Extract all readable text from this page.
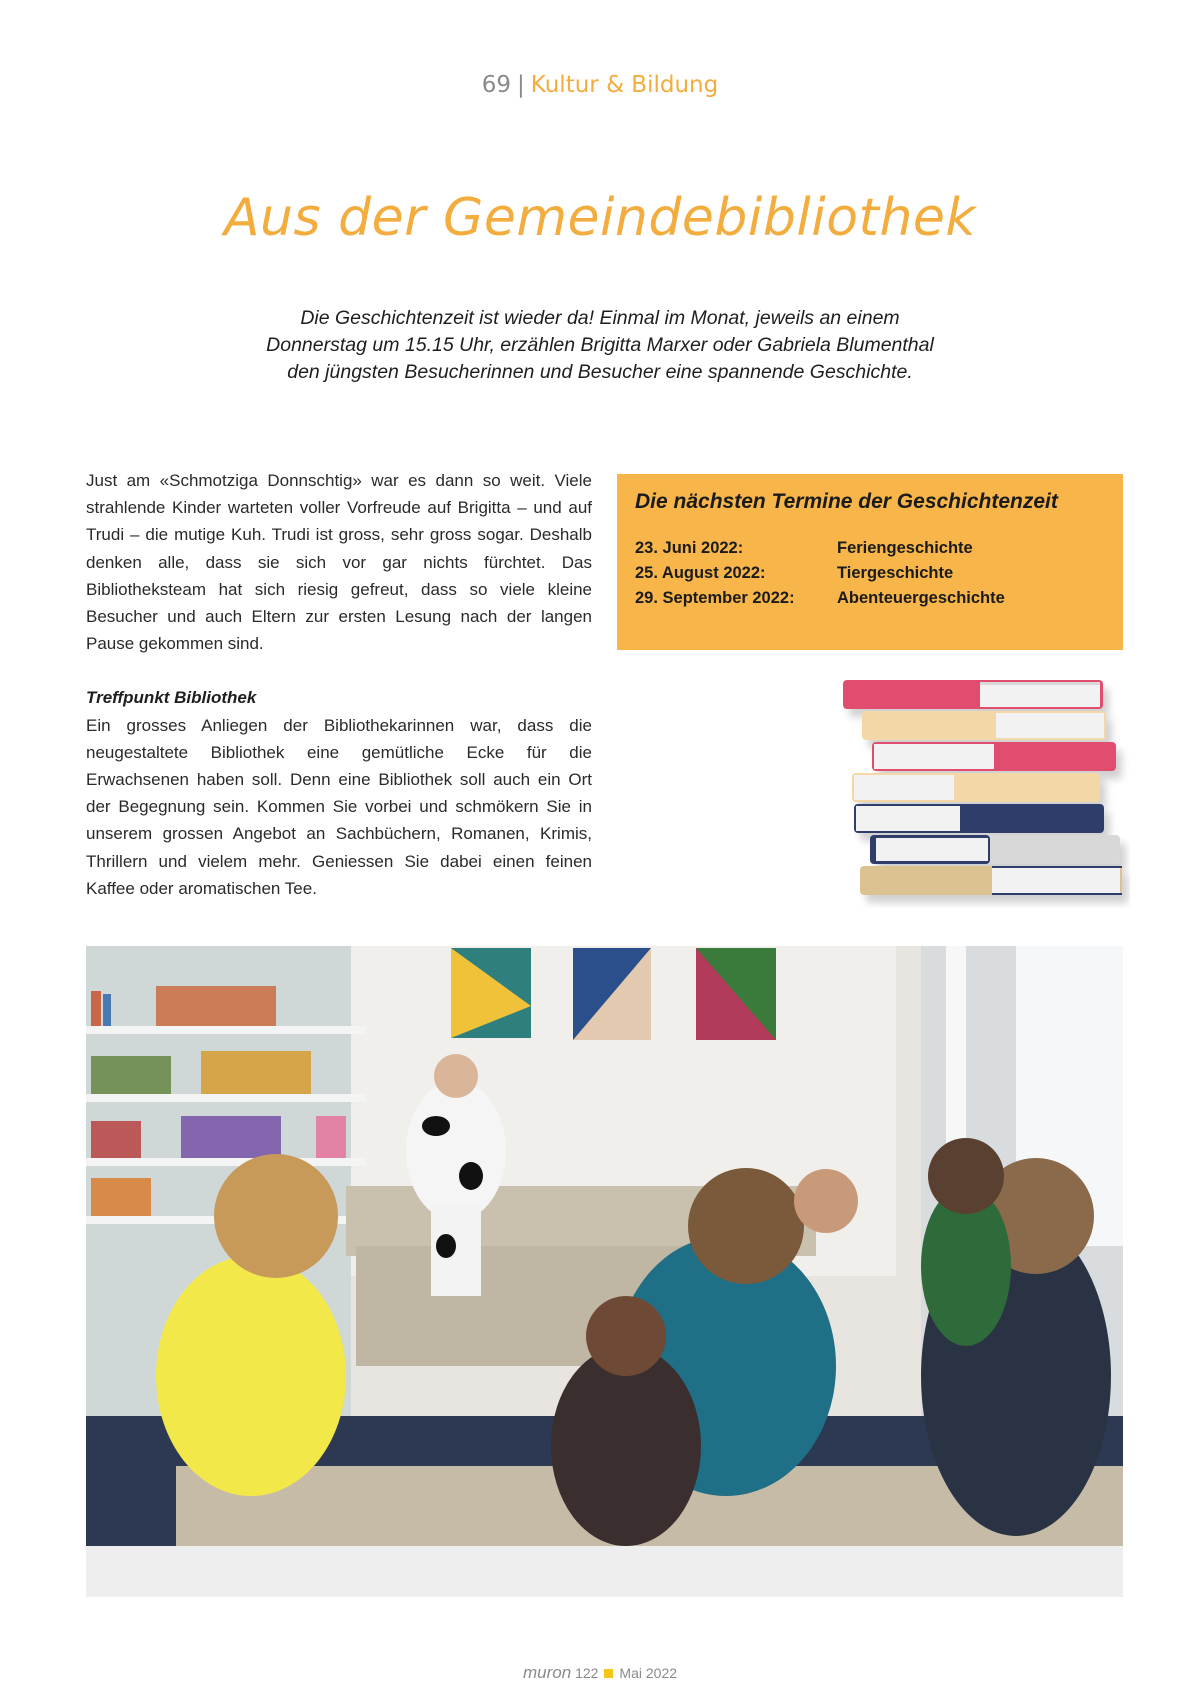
69 | Kultur & Bildung
Aus der Gemeindebibliothek
Die Geschichtenzeit ist wieder da! Einmal im Monat, jeweils an einem
Donnerstag um 15.15 Uhr, erzählen Brigitta Marxer oder Gabriela Blumenthal
den jüngsten Besucherinnen und Besucher eine spannende Geschichte.

Just am «Schmotziga Donnschtig» war es dann so weit. Viele strahlende Kinder warteten voller Vorfreude auf Brigitta – und auf Trudi – die mutige Kuh. Trudi ist gross, sehr gross sogar. Deshalb denken alle, dass sie sich vor gar nichts fürchtet. Das Bibliotheksteam hat sich riesig gefreut, dass so viele kleine Besucher und auch Eltern zur ersten Lesung nach der langen Pause gekommen sind.

Treffpunkt Bibliothek

Ein grosses Anliegen der Bibliothekarinnen war, dass die neugestaltete Bibliothek eine gemütliche Ecke für die Erwachsenen haben soll. Denn eine Bibliothek soll auch ein Ort der Begegnung sein. Kommen Sie vorbei und schmökern Sie in unserem grossen Angebot an Sachbüchern, Romanen, Krimis, Thrillern und vielem mehr. Geniessen Sie dabei einen feinen Kaffee oder aromatischen Tee.

Die nächsten Termine der Geschichtenzeit
23. Juni 2022:	Feriengeschichte
25. August 2022:	Tiergeschichte
29. September 2022:	Abenteuergeschichte
muron 122 Mai 2022
